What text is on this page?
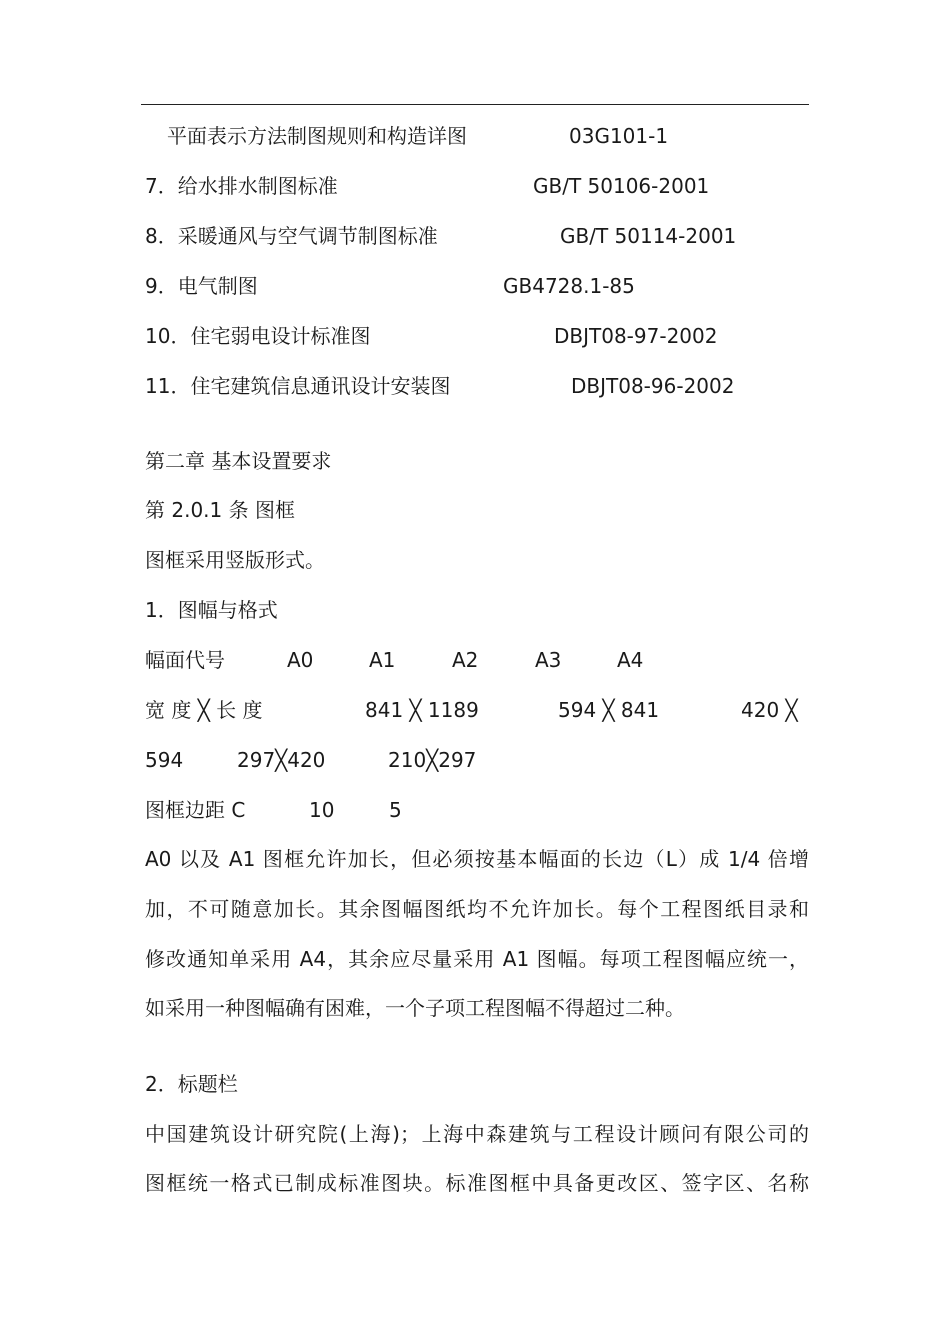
平面表示方法制图规则和构造详图	03G101-1
7．给水排水制图标准	GB/T 50106-2001
8．采暖通风与空气调节制图标准	GB/T 50114-2001
9．电气制图	GB4728.1-85
10．住宅弱电设计标准图	DBJT08-97-2002
11．住宅建筑信息通讯设计安装图	DBJT08-96-2002
第二章 基本设置要求
第 2.0.1 条 图框
图框采用竖版形式。
1．图幅与格式
幅面代号	A0	A1	A2	A3	A4
宽 度 ╳ 长 度	841 ╳ 1189	594 ╳ 841	420 ╳
594	297╳420	210╳297
图框边距 C	10	5
A0 以及 A1 图框允许加长，但必须按基本幅面的长边（L）成 1/4 倍增
加，不可随意加长。其余图幅图纸均不允许加长。每个工程图纸目录和
修改通知单采用 A4，其余应尽量采用 A1 图幅。每项工程图幅应统一，
如采用一种图幅确有困难，一个子项工程图幅不得超过二种。
2．标题栏
中国建筑设计研究院(上海)；上海中森建筑与工程设计顾问有限公司的
图框统一格式已制成标准图块。标准图框中具备更改区、签字区、名称
